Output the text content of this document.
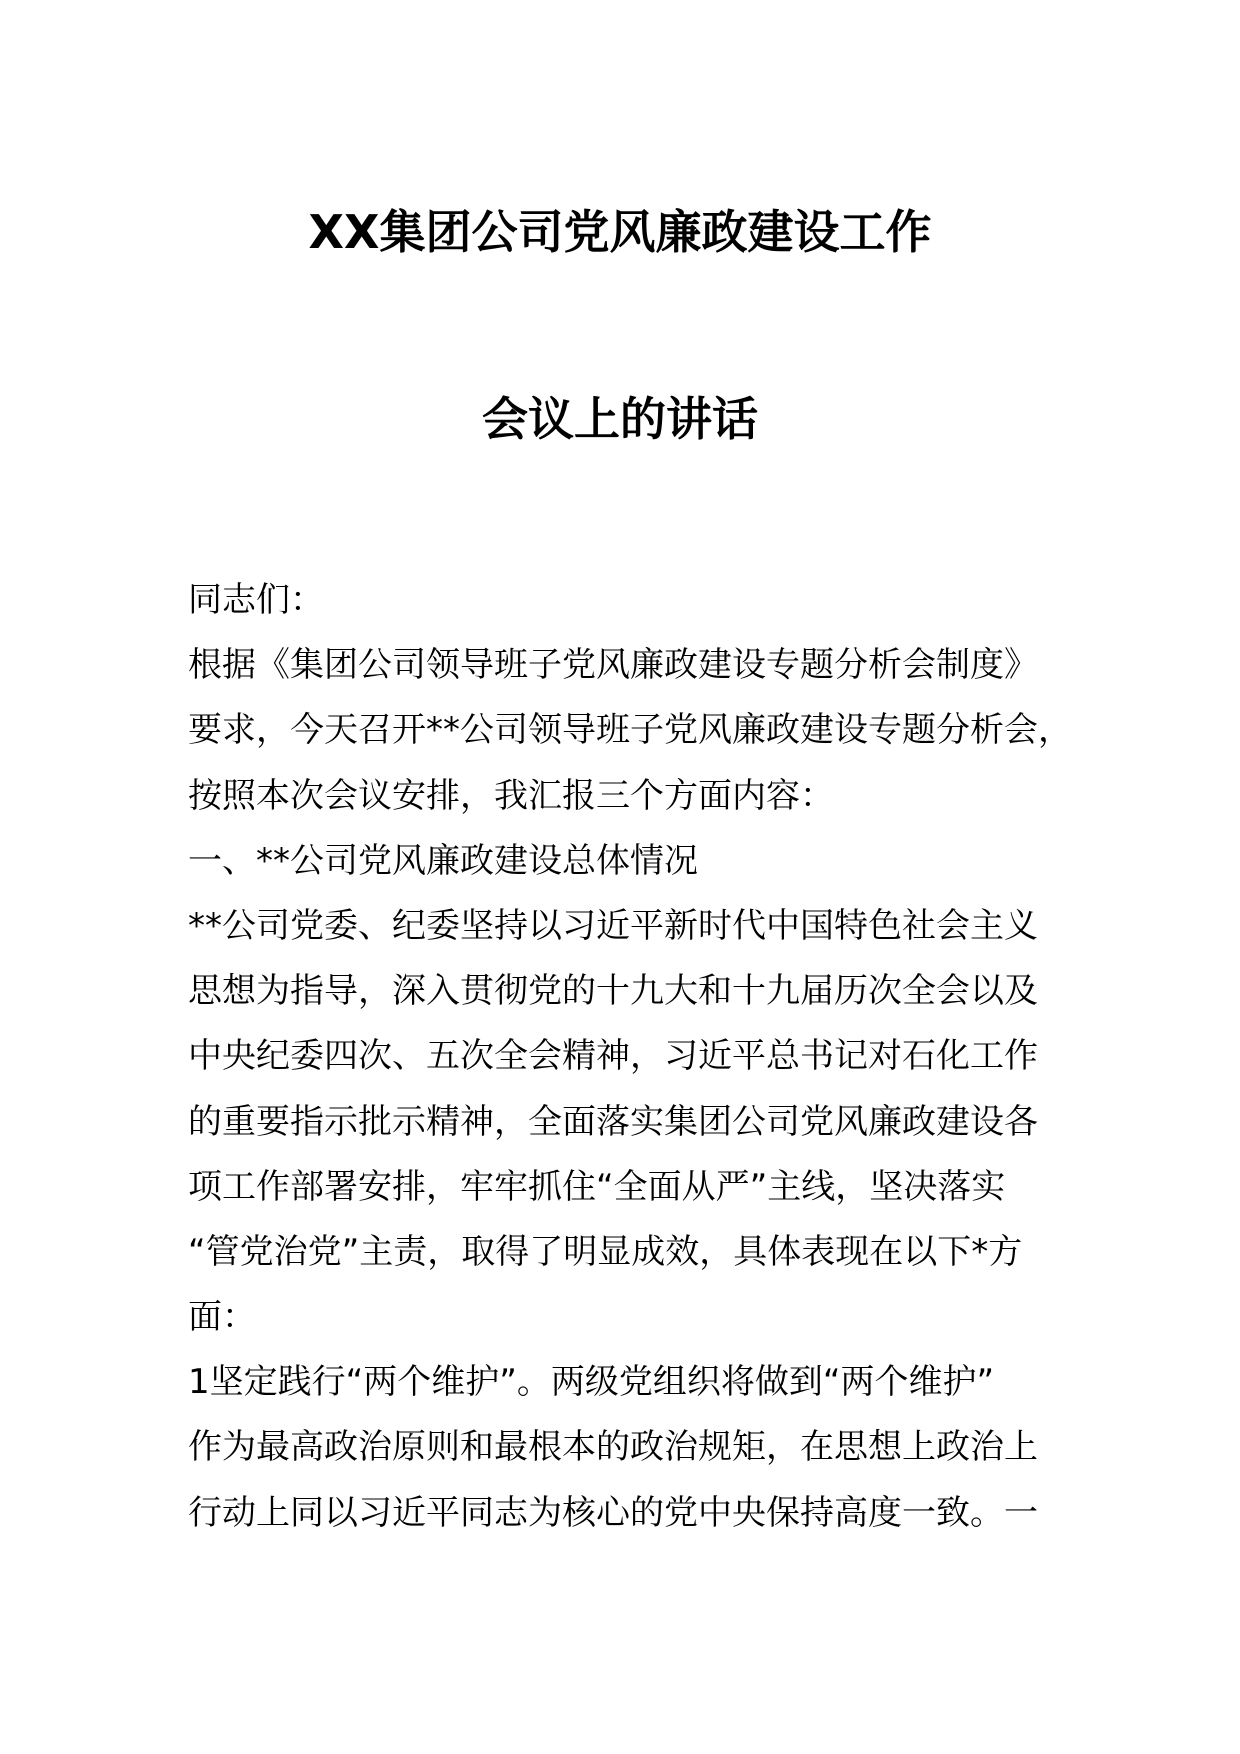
XX集团公司党风廉政建设工作
会议上的讲话
同志们：
根据《集团公司领导班子党风廉政建设专题分析会制度》
要求，今天召开**公司领导班子党风廉政建设专题分析会，
按照本次会议安排，我汇报三个方面内容：
一、**公司党风廉政建设总体情况
**公司党委、纪委坚持以习近平新时代中国特色社会主义
思想为指导，深入贯彻党的十九大和十九届历次全会以及
中央纪委四次、五次全会精神，习近平总书记对石化工作
的重要指示批示精神，全面落实集团公司党风廉政建设各
项工作部署安排，牢牢抓住“全面从严”主线，坚决落实
“管党治党”主责，取得了明显成效，具体表现在以下*方
面：
1坚定践行“两个维护”。两级党组织将做到“两个维护”
作为最高政治原则和最根本的政治规矩，在思想上政治上
行动上同以习近平同志为核心的党中央保持高度一致。一
